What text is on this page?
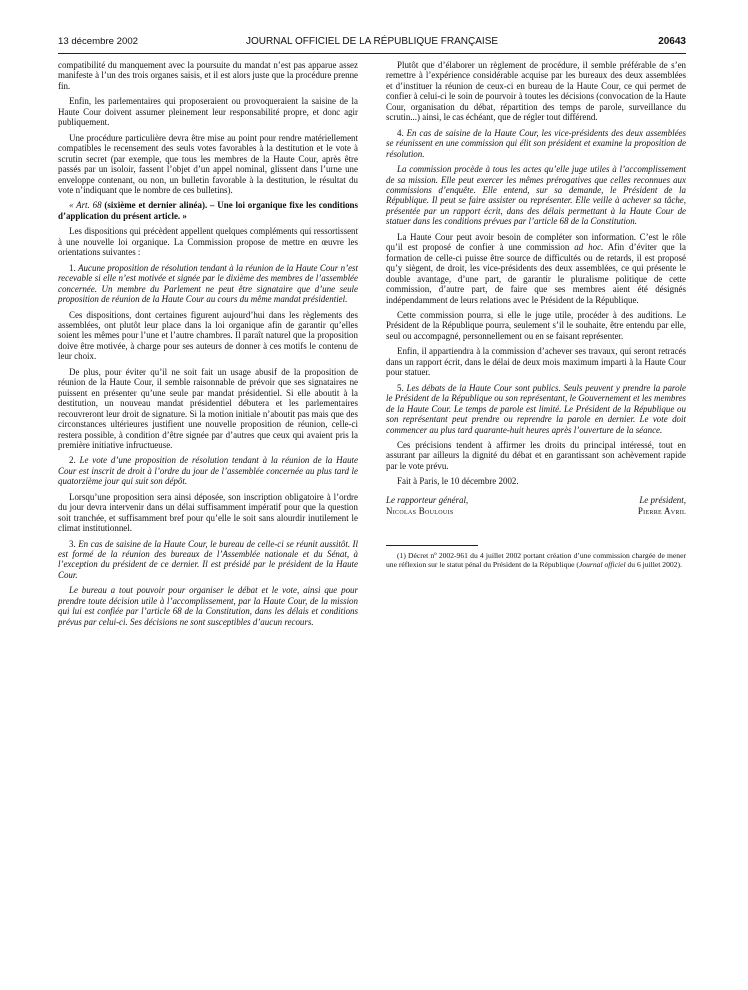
13 décembre 2002	JOURNAL OFFICIEL DE LA RÉPUBLIQUE FRANÇAISE	20643

compatibilité du manquement avec la poursuite du mandat n’est pas apparue assez manifeste à l’un des trois organes saisis, et il est alors juste que la procédure prenne fin.

Enfin, les parlementaires qui proposeraient ou provoqueraient la saisine de la Haute Cour doivent assumer pleinement leur responsabilité propre, et donc agir publiquement.

Une procédure particulière devra être mise au point pour rendre matériellement compatibles le recensement des seuls votes favorables à la destitution et le vote à scrutin secret (par exemple, que tous les membres de la Haute Cour, après être passés par un isoloir, fassent l’objet d’un appel nominal, glissent dans l’urne une enveloppe contenant, ou non, un bulletin favorable à la destitution, le résultat du vote n’indiquant que le nombre de ces bulletins).

« Art. 68 (sixième et dernier alinéa). – Une loi organique fixe les conditions d’application du présent article. »

Les dispositions qui précèdent appellent quelques compléments qui ressortissent à une nouvelle loi organique. La Commission propose de mettre en œuvre les orientations suivantes :

1. Aucune proposition de résolution tendant à la réunion de la Haute Cour n’est recevable si elle n’est motivée et signée par le dixième des membres de l’assemblée concernée. Un membre du Parlement ne peut être signataire que d’une seule proposition de réunion de la Haute Cour au cours du même mandat présidentiel.

Ces dispositions, dont certaines figurent aujourd’hui dans les règlements des assemblées, ont plutôt leur place dans la loi organique afin de garantir qu’elles soient les mêmes pour l’une et l’autre chambres. Il paraît naturel que la proposition doive être motivée, à charge pour ses auteurs de donner à ces motifs le contenu de leur choix.

De plus, pour éviter qu’il ne soit fait un usage abusif de la proposition de réunion de la Haute Cour, il semble raisonnable de prévoir que ses signataires ne puissent en présenter qu’une seule par mandat présidentiel. Si elle aboutit à la destitution, un nouveau mandat présidentiel débutera et les parlementaires recouvreront leur droit de signature. Si la motion initiale n’aboutit pas mais que des circonstances ultérieures justifient une nouvelle proposition de réunion, celle-ci restera possible, à condition d’être signée par d’autres que ceux qui avaient pris la première initiative infructueuse.

2. Le vote d’une proposition de résolution tendant à la réunion de la Haute Cour est inscrit de droit à l’ordre du jour de l’assemblée concernée au plus tard le quatorzième jour qui suit son dépôt.

Lorsqu’une proposition sera ainsi déposée, son inscription obligatoire à l’ordre du jour devra intervenir dans un délai suffisamment impératif pour que la question soit tranchée, et suffisamment bref pour qu’elle le soit sans alourdir inutilement le climat institutionnel.

3. En cas de saisine de la Haute Cour, le bureau de celle-ci se réunit aussitôt. Il est formé de la réunion des bureaux de l’Assemblée nationale et du Sénat, à l’exception du président de ce dernier. Il est présidé par le président de la Haute Cour.

Le bureau a tout pouvoir pour organiser le débat et le vote, ainsi que pour prendre toute décision utile à l’accomplissement, par la Haute Cour, de la mission qui lui est confiée par l’article 68 de la Constitution, dans les délais et conditions prévus par celui-ci. Ses décisions ne sont susceptibles d’aucun recours.

Plutôt que d’élaborer un règlement de procédure, il semble préférable de s’en remettre à l’expérience considérable acquise par les bureaux des deux assemblées et d’instituer la réunion de ceux-ci en bureau de la Haute Cour, ce qui permet de confier à celui-ci le soin de pourvoir à toutes les décisions (convocation de la Haute Cour, organisation du débat, répartition des temps de parole, surveillance du scrutin...) ainsi, le cas échéant, que de régler tout différend.

4. En cas de saisine de la Haute Cour, les vice-présidents des deux assemblées se réunissent en une commission qui élit son président et examine la proposition de résolution.

La commission procède à tous les actes qu’elle juge utiles à l’accomplissement de sa mission. Elle peut exercer les mêmes prérogatives que celles reconnues aux commissions d’enquête. Elle entend, sur sa demande, le Président de la République. Il peut se faire assister ou représenter. Elle veille à achever sa tâche, présentée par un rapport écrit, dans des délais permettant à la Haute Cour de statuer dans les conditions prévues par l’article 68 de la Constitution.

La Haute Cour peut avoir besoin de compléter son information. C’est le rôle qu’il est proposé de confier à une commission ad hoc. Afin d’éviter que la formation de celle-ci puisse être source de difficultés ou de retards, il est proposé qu’y siègent, de droit, les vice-présidents des deux assemblées, ce qui présente le double avantage, d’une part, de garantir le pluralisme politique de cette commission, d’autre part, de faire que ses membres aient été désignés indépendamment de leurs relations avec le Président de la République.

Cette commission pourra, si elle le juge utile, procéder à des auditions. Le Président de la République pourra, seulement s’il le souhaite, être entendu par elle, seul ou accompagné, personnellement ou en se faisant représenter.

Enfin, il appartiendra à la commission d’achever ses travaux, qui seront retracés dans un rapport écrit, dans le délai de deux mois maximum imparti à la Haute Cour pour statuer.

5. Les débats de la Haute Cour sont publics. Seuls peuvent y prendre la parole le Président de la République ou son représentant, le Gouvernement et les membres de la Haute Cour. Le temps de parole est limité. Le Président de la République ou son représentant peut prendre ou reprendre la parole en dernier. Le vote doit commencer au plus tard quarante-huit heures après l’ouverture de la séance.

Ces précisions tendent à affirmer les droits du principal intéressé, tout en assurant par ailleurs la dignité du débat et en garantissant son achèvement rapide par le vote prévu.

Fait à Paris, le 10 décembre 2002.

Le rapporteur général,
Nicolas Boulouis
Le président,
Pierre Avril

(1) Décret nº 2002-961 du 4 juillet 2002 portant création d’une commission chargée de mener une réflexion sur le statut pénal du Président de la République (Journal officiel du 6 juillet 2002).
